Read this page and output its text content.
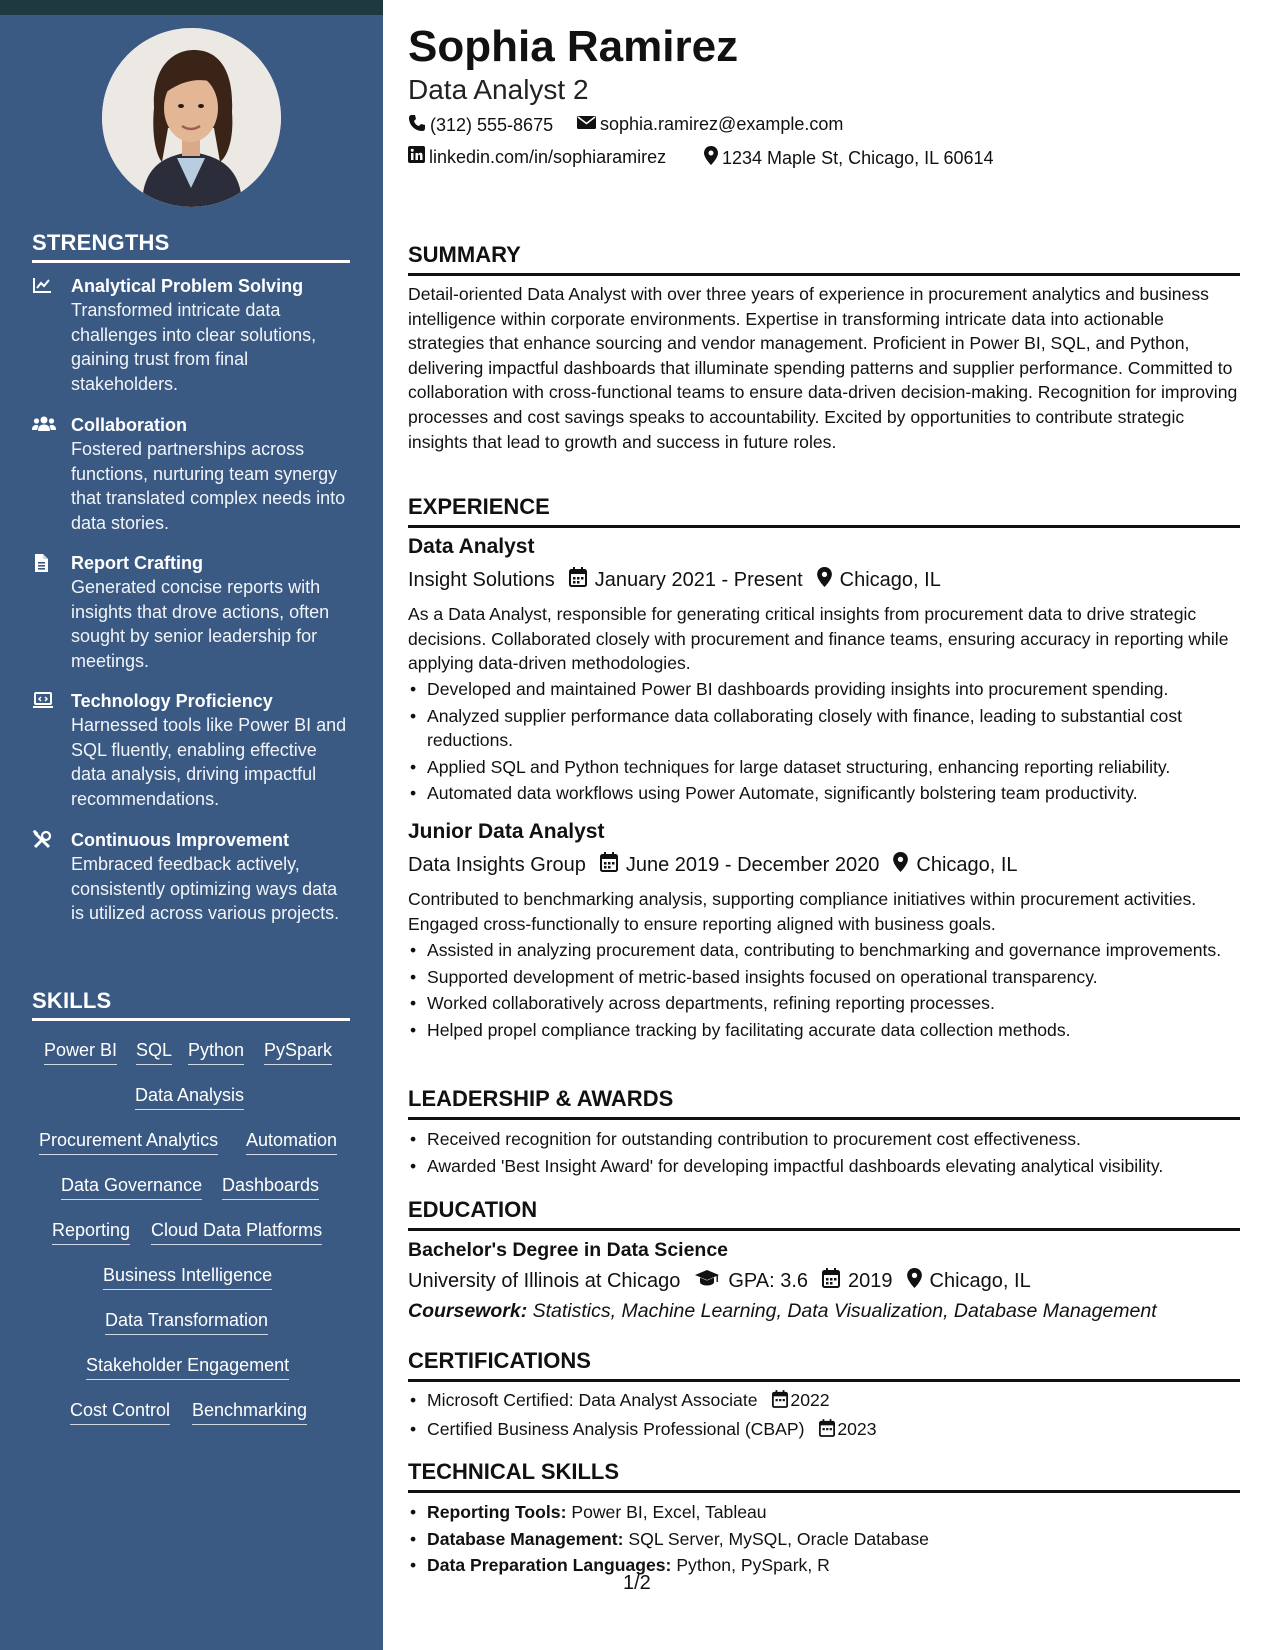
STRENGTHS
Analytical Problem Solving
Transformed intricate data challenges into clear solutions, gaining trust from final stakeholders.
Collaboration
Fostered partnerships across functions, nurturing team synergy that translated complex needs into data stories.
Report Crafting
Generated concise reports with insights that drove actions, often sought by senior leadership for meetings.
Technology Proficiency
Harnessed tools like Power BI and SQL fluently, enabling effective data analysis, driving impactful recommendations.
Continuous Improvement
Embraced feedback actively, consistently optimizing ways data is utilized across various projects.
SKILLS
Power BI SQL Python PySpark
Data Analysis
Procurement Analytics Automation
Data Governance Dashboards
Reporting Cloud Data Platforms
Business Intelligence
Data Transformation
Stakeholder Engagement
Cost Control Benchmarking
Sophia Ramirez
Data Analyst 2
(312) 555-8675	sophia.ramirez@example.com
linkedin.com/in/sophiaramirez	1234 Maple St, Chicago, IL 60614
SUMMARY
Detail-oriented Data Analyst with over three years of experience in procurement analytics and business intelligence within corporate environments. Expertise in transforming intricate data into actionable strategies that enhance sourcing and vendor management. Proficient in Power BI, SQL, and Python, delivering impactful dashboards that illuminate spending patterns and supplier performance. Committed to collaboration with cross-functional teams to ensure data-driven decision-making. Recognition for improving processes and cost savings speaks to accountability. Excited by opportunities to contribute strategic insights that lead to growth and success in future roles.
EXPERIENCE
Data Analyst
Insight Solutions January 2021 - Present Chicago, IL
As a Data Analyst, responsible for generating critical insights from procurement data to drive strategic decisions. Collaborated closely with procurement and finance teams, ensuring accuracy in reporting while applying data-driven methodologies.
• Developed and maintained Power BI dashboards providing insights into procurement spending.
• Analyzed supplier performance data collaborating closely with finance, leading to substantial cost reductions.
• Applied SQL and Python techniques for large dataset structuring, enhancing reporting reliability.
• Automated data workflows using Power Automate, significantly bolstering team productivity.
Junior Data Analyst
Data Insights Group June 2019 - December 2020 Chicago, IL
Contributed to benchmarking analysis, supporting compliance initiatives within procurement activities. Engaged cross-functionally to ensure reporting aligned with business goals.
• Assisted in analyzing procurement data, contributing to benchmarking and governance improvements.
• Supported development of metric-based insights focused on operational transparency.
• Worked collaboratively across departments, refining reporting processes.
• Helped propel compliance tracking by facilitating accurate data collection methods.
LEADERSHIP & AWARDS
• Received recognition for outstanding contribution to procurement cost effectiveness.
• Awarded 'Best Insight Award' for developing impactful dashboards elevating analytical visibility.
EDUCATION
Bachelor's Degree in Data Science
University of Illinois at Chicago GPA: 3.6 2019 Chicago, IL
Coursework: Statistics, Machine Learning, Data Visualization, Database Management
CERTIFICATIONS
• Microsoft Certified: Data Analyst Associate 2022
• Certified Business Analysis Professional (CBAP) 2023
TECHNICAL SKILLS
• Reporting Tools: Power BI, Excel, Tableau
• Database Management: SQL Server, MySQL, Oracle Database
• Data Preparation Languages: Python, PySpark, R
1/2
